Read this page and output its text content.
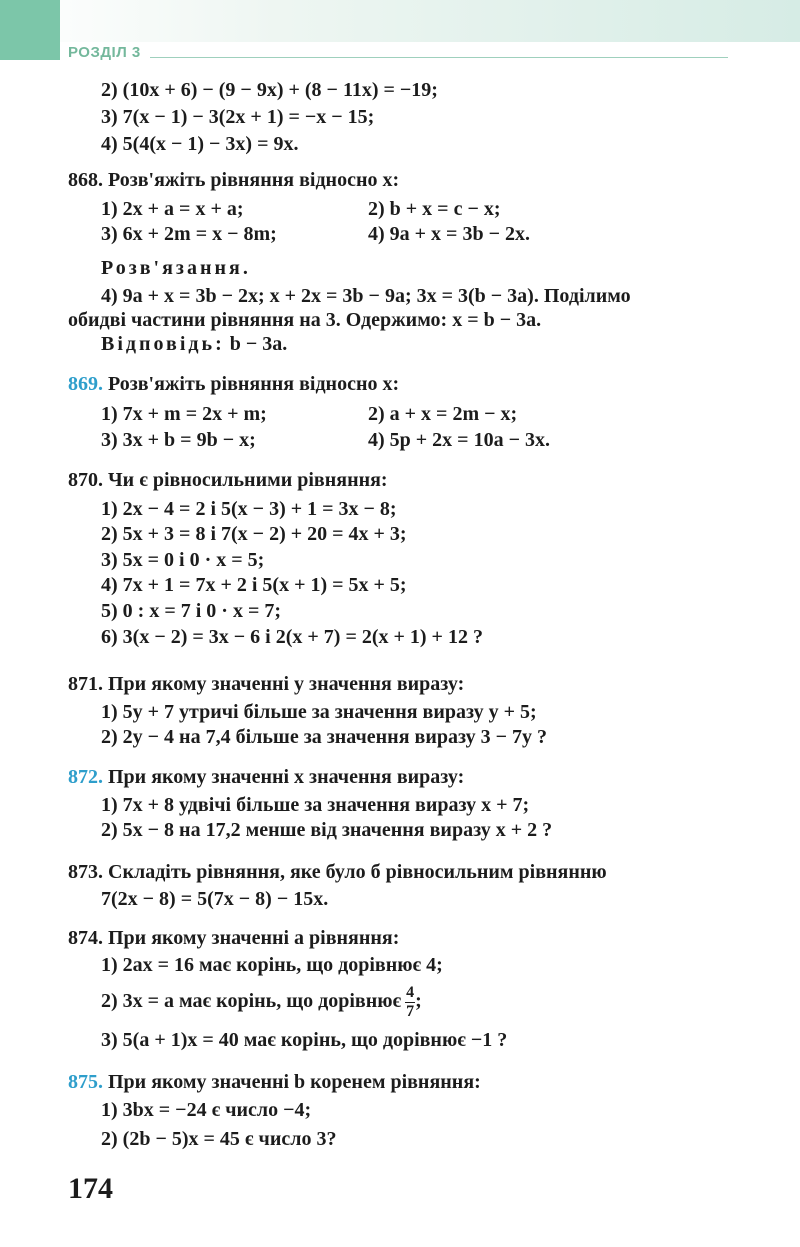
РОЗДІЛ 3
2) (10x + 6) − (9 − 9x) + (8 − 11x) = −19;
3) 7(x − 1) − 3(2x + 1) = −x − 15;
4) 5(4(x − 1) − 3x) = 9x.
868. Розв'яжіть рівняння відносно x:
1) 2x + a = x + a;	2) b + x = c − x;
3) 6x + 2m = x − 8m;	4) 9a + x = 3b − 2x.
Розв'язання.
4) 9a + x = 3b − 2x; x + 2x = 3b − 9a; 3x = 3(b − 3a). Поділимо
обидві частини рівняння на 3. Одержимо: x = b − 3a.
Відповідь: b − 3a.
869. Розв'яжіть рівняння відносно x:
1) 7x + m = 2x + m;	2) a + x = 2m − x;
3) 3x + b = 9b − x;	4) 5p + 2x = 10a − 3x.
870. Чи є рівносильними рівняння:
1) 2x − 4 = 2 і 5(x − 3) + 1 = 3x − 8;
2) 5x + 3 = 8 і 7(x − 2) + 20 = 4x + 3;
3) 5x = 0 і 0 · x = 5;
4) 7x + 1 = 7x + 2 і 5(x + 1) = 5x + 5;
5) 0 : x = 7 і 0 · x = 7;
6) 3(x − 2) = 3x − 6 і 2(x + 7) = 2(x + 1) + 12 ?
871. При якому значенні y значення виразу:
1) 5y + 7 утричі більше за значення виразу y + 5;
2) 2y − 4 на 7,4 більше за значення виразу 3 − 7y ?
872. При якому значенні x значення виразу:
1) 7x + 8 удвічі більше за значення виразу x + 7;
2) 5x − 8 на 17,2 менше від значення виразу x + 2 ?
873. Складіть рівняння, яке було б рівносильним рівнянню
7(2x − 8) = 5(7x − 8) − 15x.
874. При якому значенні a рівняння:
1) 2ax = 16 має корінь, що дорівнює 4;
2) 3x = a має корінь, що дорівнює $\frac{4}{7}$ ;
3) 5(a + 1)x = 40 має корінь, що дорівнює −1 ?
875. При якому значенні b коренем рівняння:
1) 3bx = −24 є число −4;
2) (2b − 5)x = 45 є число 3?
174
